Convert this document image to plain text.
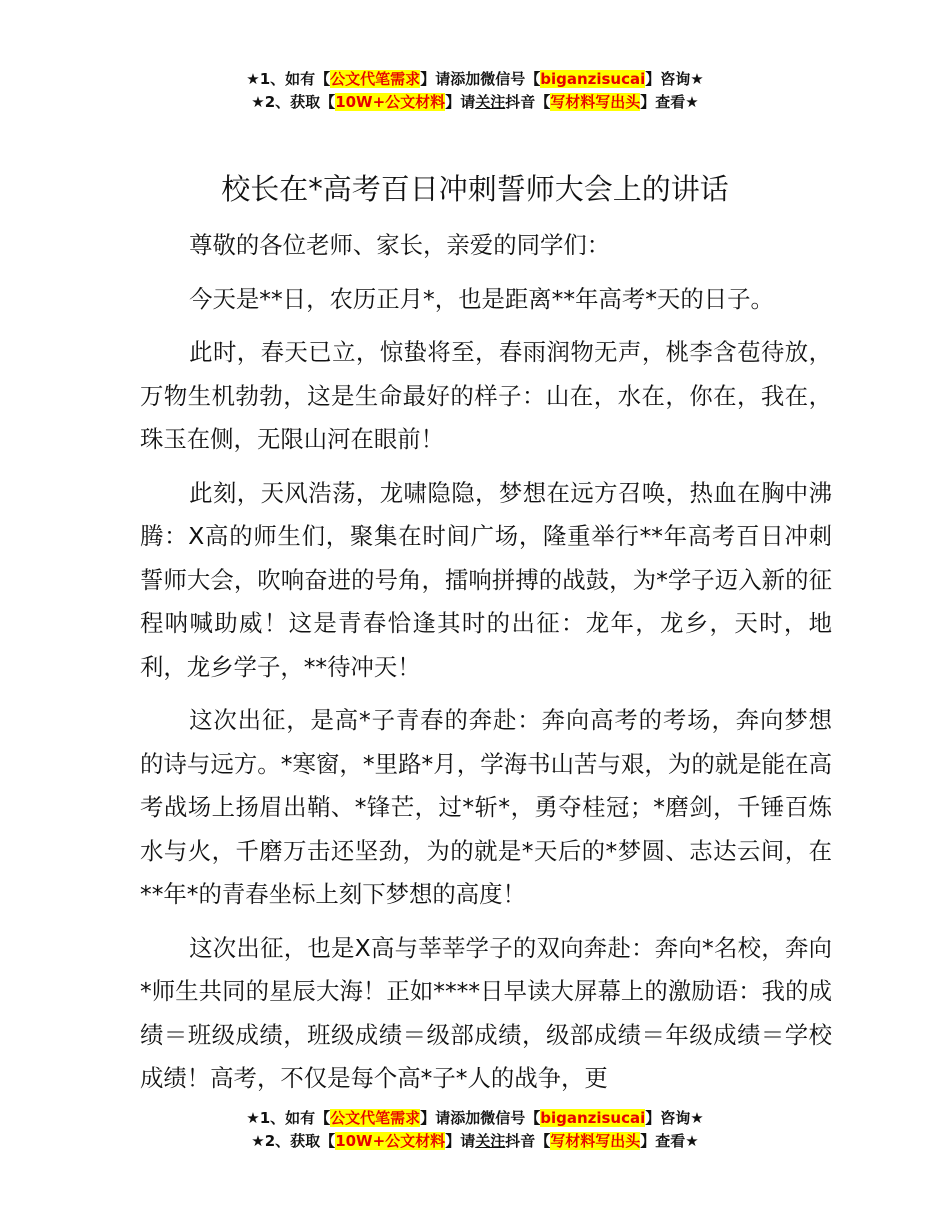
★1、如有【公文代笔需求】请添加微信号【biganzisucai】咨询★
★2、获取【10W+公文材料】请关注抖音【写材料写出头】查看★
校长在*高考百日冲刺誓师大会上的讲话

尊敬的各位老师、家长，亲爱的同学们：

今天是**日，农历正月*，也是距离**年高考*天的日子。

此时，春天已立，惊蛰将至，春雨润物无声，桃李含苞待放，万物生机勃勃，这是生命最好的样子：山在，水在，你在，我在，珠玉在侧，无限山河在眼前！

此刻，天风浩荡，龙啸隐隐，梦想在远方召唤，热血在胸中沸腾：X高的师生们，聚集在时间广场，隆重举行**年高考百日冲刺誓师大会，吹响奋进的号角，擂响拼搏的战鼓，为*学子迈入新的征程呐喊助威！这是青春恰逢其时的出征：龙年，龙乡，天时，地利，龙乡学子，**待冲天！

这次出征，是高*子青春的奔赴：奔向高考的考场，奔向梦想的诗与远方。*寒窗，*里路*月，学海书山苦与艰，为的就是能在高考战场上扬眉出鞘、*锋芒，过*斩*，勇夺桂冠；*磨剑，千锤百炼水与火，千磨万击还坚劲，为的就是*天后的*梦圆、志达云间，在**年*的青春坐标上刻下梦想的高度！

这次出征，也是X高与莘莘学子的双向奔赴：奔向*名校，奔向*师生共同的星辰大海！正如****日早读大屏幕上的激励语：我的成绩＝班级成绩，班级成绩＝级部成绩，级部成绩＝年级成绩＝学校成绩！高考，不仅是每个高*子*人的战争，更

★1、如有【公文代笔需求】请添加微信号【biganzisucai】咨询★
★2、获取【10W+公文材料】请关注抖音【写材料写出头】查看★
